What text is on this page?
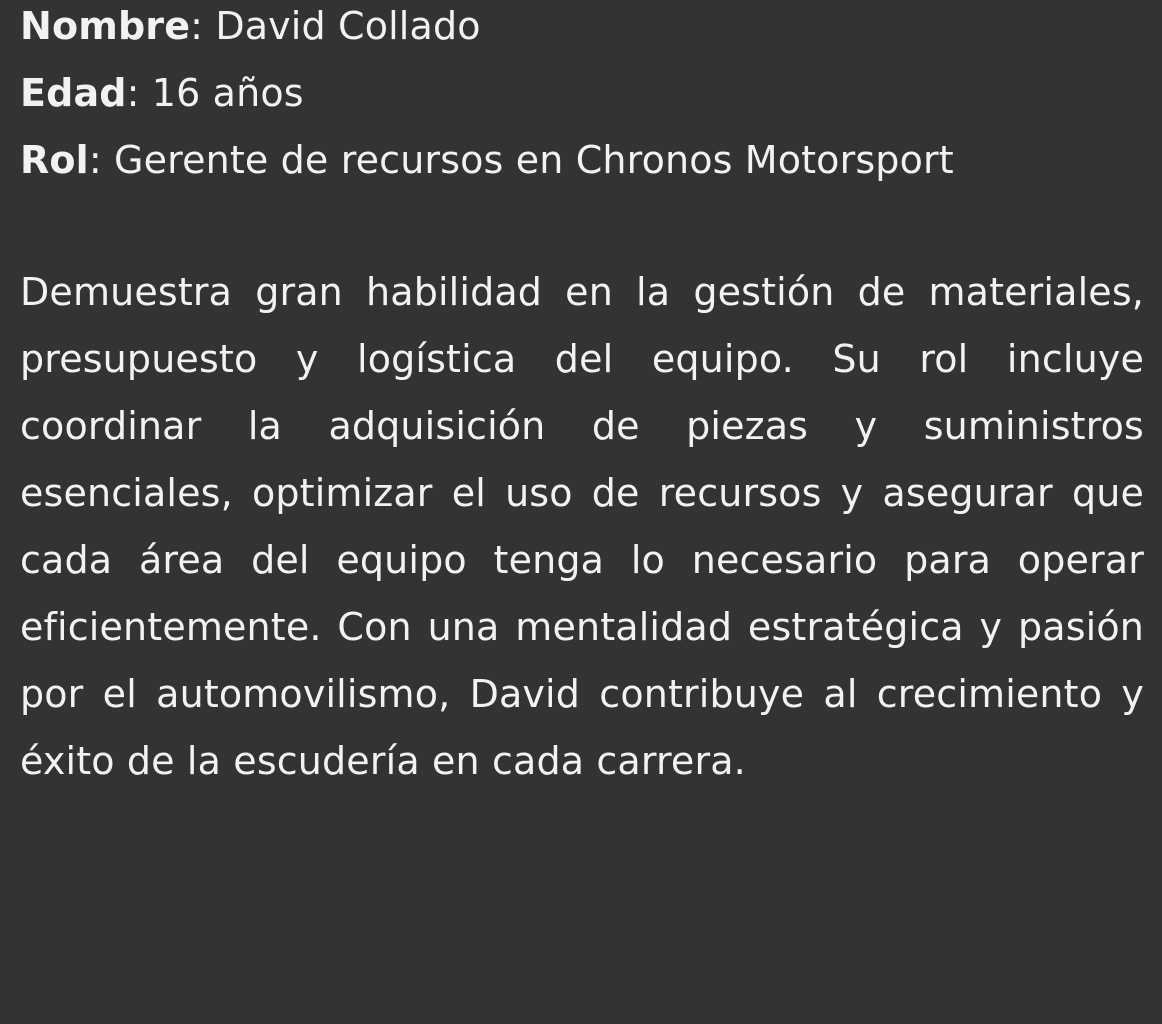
Nombre: David Collado

Edad: 16 años

Rol: Gerente de recursos en Chronos Motorsport

Demuestra gran habilidad en la gestión de materiales, presupuesto y logística del equipo. Su rol incluye coordinar la adquisición de piezas y suministros esenciales, optimizar el uso de recursos y asegurar que cada área del equipo tenga lo necesario para operar eficientemente. Con una mentalidad estratégica y pasión por el automovilismo, David contribuye al crecimiento y éxito de la escudería en cada carrera.
